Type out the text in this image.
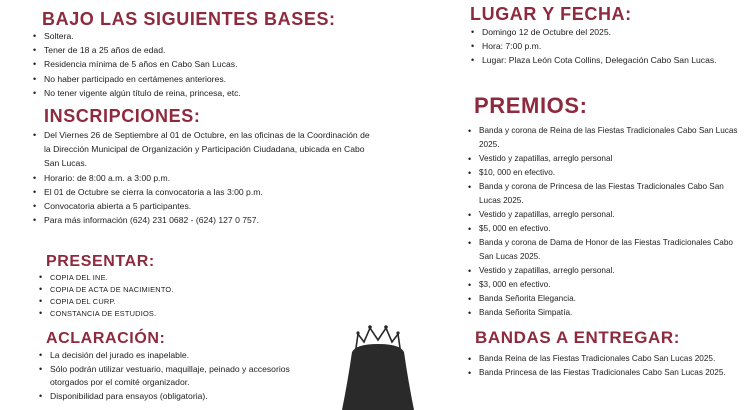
BAJO LAS SIGUIENTES BASES:
• Soltera.
• Tener de 18 a 25 años de edad.
• Residencia mínima de 5 años en Cabo San Lucas.
• No haber participado en certámenes anteriores.
• No tener vigente algún título de reina, princesa, etc.
INSCRIPCIONES:
• Del Viernes 26 de Septiembre al 01 de Octubre, en las oficinas de la Coordinación de la Dirección Municipal de Organización y Participación Ciudadana, ubicada en Cabo San Lucas.
• Horario: de 8:00 a.m. a 3:00 p.m.
• El 01 de Octubre se cierra la convocatoria a las 3:00 p.m.
• Convocatoria abierta a 5 participantes.
• Para más información (624) 231 0682 - (624) 127 0 757.
PRESENTAR:
• COPIA DEL INE.
• COPIA DE ACTA DE NACIMIENTO.
• COPIA DEL CURP.
• CONSTANCIA DE ESTUDIOS.
ACLARACIÓN:
• La decisión del jurado es inapelable.
• Sólo podrán utilizar vestuario, maquillaje, peinado y accesorios otorgados por el comité organizador.
• Disponibilidad para ensayos (obligatoria).
LUGAR Y FECHA:
• Domingo 12 de Octubre del 2025.
• Hora: 7:00 p.m.
• Lugar: Plaza León Cota Collins, Delegación Cabo San Lucas.
PREMIOS:
• Banda y corona de Reina de las Fiestas Tradicionales Cabo San Lucas 2025.
• Vestido y zapatillas, arreglo personal
• $10, 000 en efectivo.
• Banda y corona de Princesa de las Fiestas Tradicionales Cabo San Lucas 2025.
• Vestido y zapatillas, arreglo personal.
• $5, 000 en efectivo.
• Banda y corona de Dama de Honor de las Fiestas Tradicionales Cabo San Lucas 2025.
• Vestido y zapatillas, arreglo personal.
• $3, 000 en efectivo.
• Banda Señorita Elegancia.
• Banda Señorita Simpatía.
BANDAS A ENTREGAR:
• Banda Reina de las Fiestas Tradicionales Cabo San Lucas 2025.
• Banda Princesa de las Fiestas Tradicionales Cabo San Lucas 2025.
